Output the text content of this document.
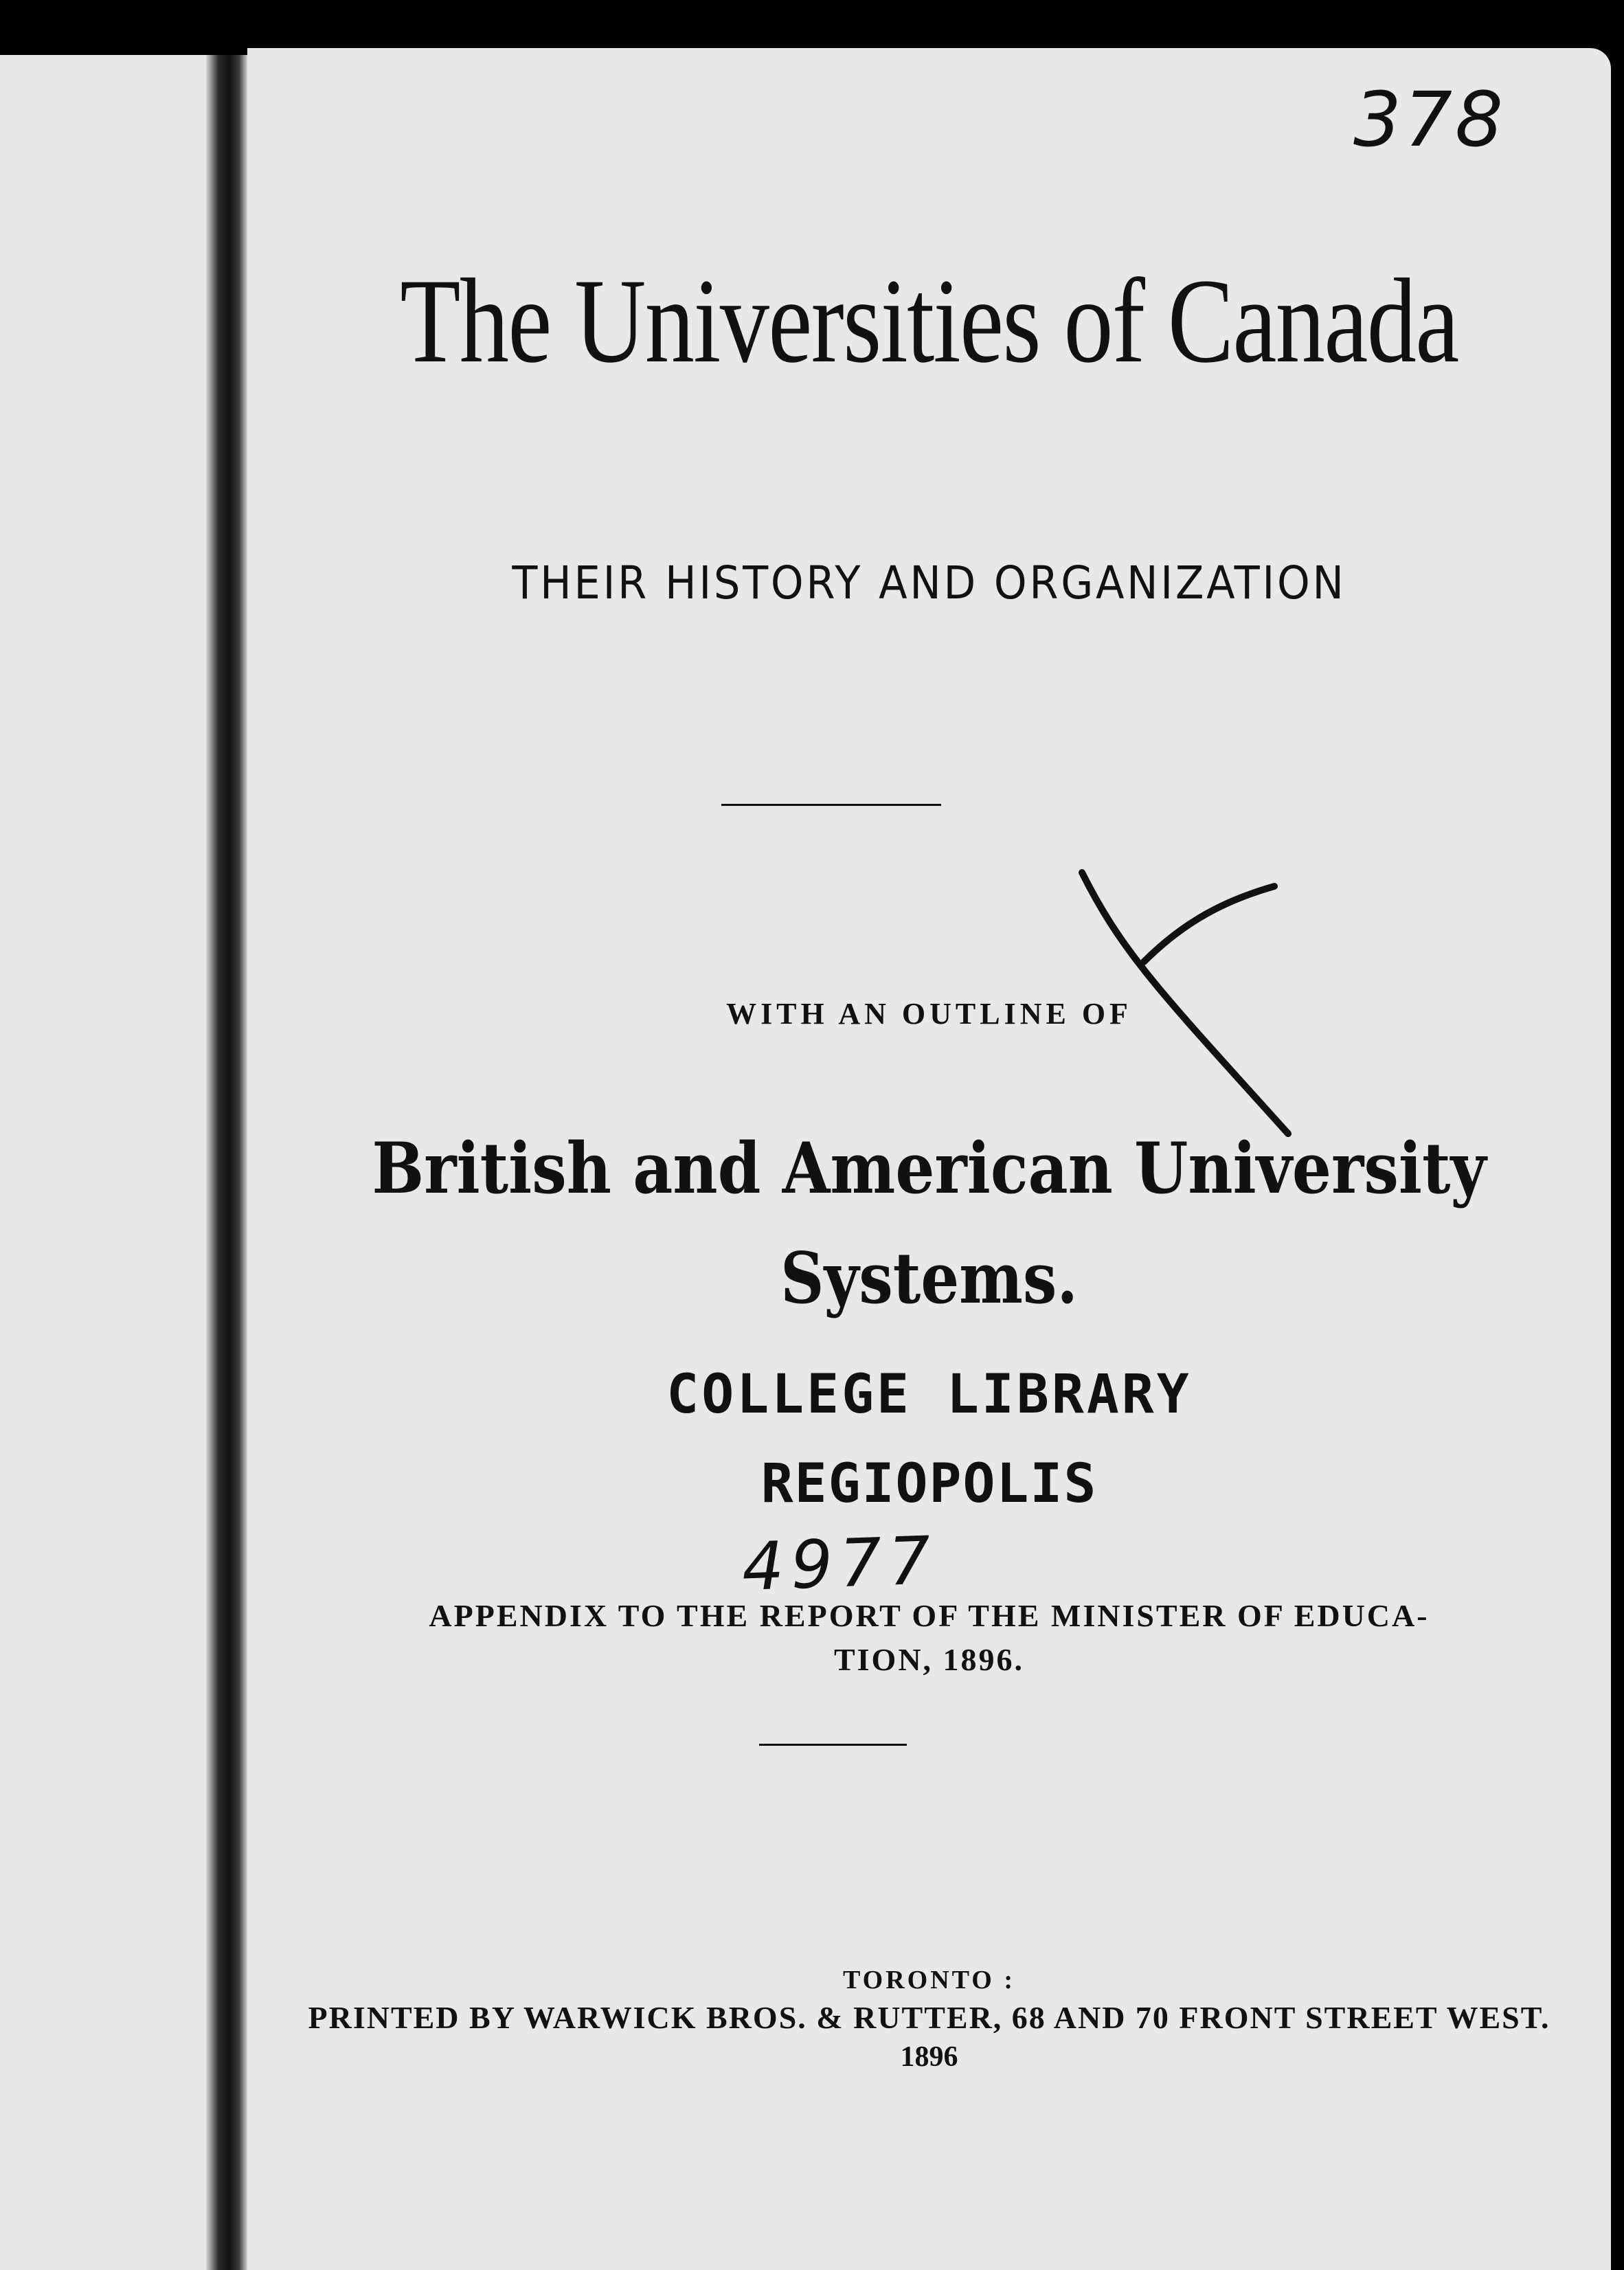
378
The Universities of Canada
THEIR HISTORY AND ORGANIZATION
WITH AN OUTLINE OF
British and American University
Systems.
COLLEGE LIBRARY
REGIOPOLIS
4977
APPENDIX TO THE REPORT OF THE MINISTER OF EDUCA-
TION, 1896.
TORONTO :
PRINTED BY WARWICK BROS. & RUTTER, 68 AND 70 FRONT STREET WEST.
1896
